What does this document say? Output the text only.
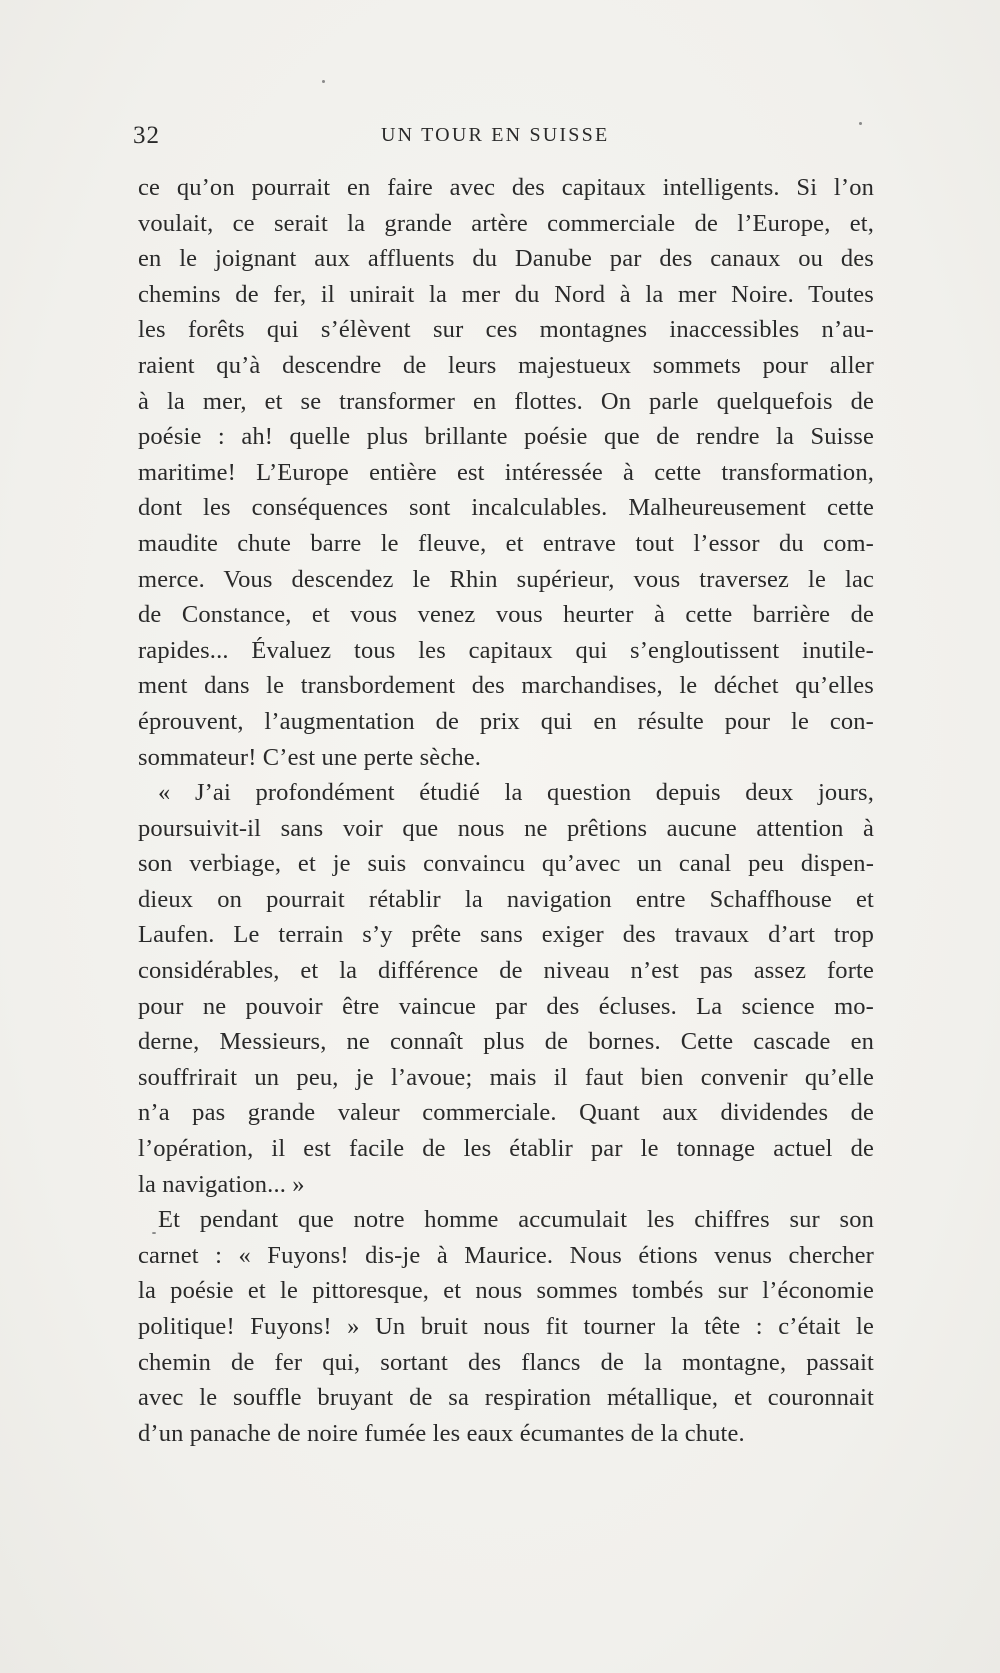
32	UN TOUR EN SUISSE
ce qu’on pourrait en faire avec des capitaux intelligents. Si l’on
voulait, ce serait la grande artère commerciale de l’Europe, et,
en le joignant aux affluents du Danube par des canaux ou des
chemins de fer, il unirait la mer du Nord à la mer Noire. Toutes
les forêts qui s’élèvent sur ces montagnes inaccessibles n’au-
raient qu’à descendre de leurs majestueux sommets pour aller
à la mer, et se transformer en flottes. On parle quelquefois de
poésie : ah! quelle plus brillante poésie que de rendre la Suisse
maritime! L’Europe entière est intéressée à cette transformation,
dont les conséquences sont incalculables. Malheureusement cette
maudite chute barre le fleuve, et entrave tout l’essor du com-
merce. Vous descendez le Rhin supérieur, vous traversez le lac
de Constance, et vous venez vous heurter à cette barrière de
rapides... Évaluez tous les capitaux qui s’engloutissent inutile-
ment dans le transbordement des marchandises, le déchet qu’elles
éprouvent, l’augmentation de prix qui en résulte pour le con-
sommateur! C’est une perte sèche.
« J’ai profondément étudié la question depuis deux jours,
poursuivit-il sans voir que nous ne prêtions aucune attention à
son verbiage, et je suis convaincu qu’avec un canal peu dispen-
dieux on pourrait rétablir la navigation entre Schaffhouse et
Laufen. Le terrain s’y prête sans exiger des travaux d’art trop
considérables, et la différence de niveau n’est pas assez forte
pour ne pouvoir être vaincue par des écluses. La science mo-
derne, Messieurs, ne connaît plus de bornes. Cette cascade en
souffrirait un peu, je l’avoue; mais il faut bien convenir qu’elle
n’a pas grande valeur commerciale. Quant aux dividendes de
l’opération, il est facile de les établir par le tonnage actuel de
la navigation... »
Et pendant que notre homme accumulait les chiffres sur son
carnet : « Fuyons! dis-je à Maurice. Nous étions venus chercher
la poésie et le pittoresque, et nous sommes tombés sur l’économie
politique! Fuyons! » Un bruit nous fit tourner la tête : c’était le
chemin de fer qui, sortant des flancs de la montagne, passait
avec le souffle bruyant de sa respiration métallique, et couronnait
d’un panache de noire fumée les eaux écumantes de la chute.
